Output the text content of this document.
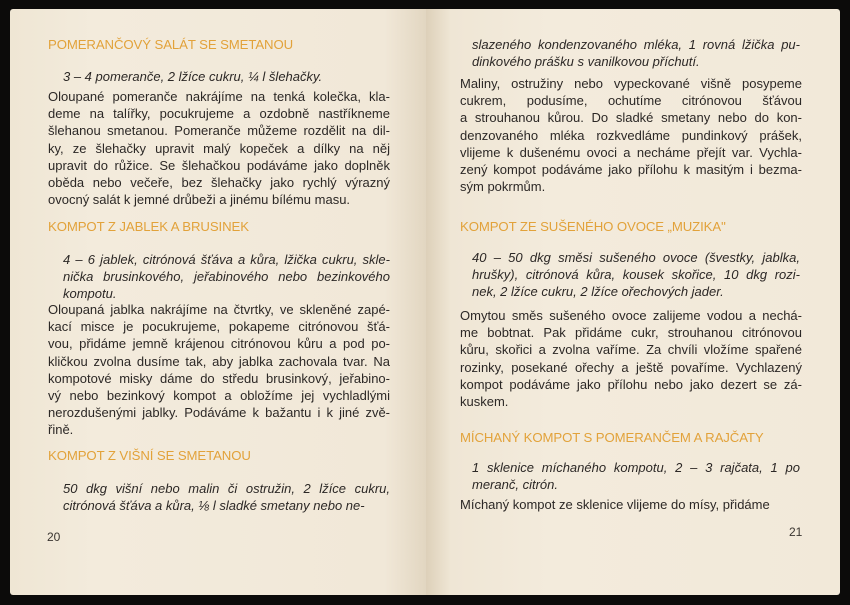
POMERANČOVÝ SALÁT SE SMETANOU
3 – 4 pomeranče, 2 lžíce cukru, ¼ l šlehačky.
Oloupané pomeranče nakrájíme na tenká kolečka, kla-
deme na talířky, pocukrujeme a ozdobně nastříkneme
šlehanou smetanou. Pomeranče můžeme rozdělit na dil-
ky, ze šlehačky upravit malý kopeček a dílky na něj
upravit do růžice. Se šlehačkou podáváme jako doplněk
oběda nebo večeře, bez šlehačky jako rychlý výrazný
ovocný salát k jemné drůbeži a jinému bílému masu.
KOMPOT Z JABLEK A BRUSINEK
4 – 6 jablek, citrónová šťáva a kůra, lžička cukru, skle-
nička brusinkového, jeřabinového nebo bezinkového
kompotu.
Oloupaná jablka nakrájíme na čtvrtky, ve skleněné zapé-
kací misce je pocukrujeme, pokapeme citrónovou šťá-
vou, přidáme jemně krájenou citrónovou kůru a pod po-
kličkou zvolna dusíme tak, aby jablka zachovala tvar. Na
kompotové misky dáme do středu brusinkový, jeřabino-
vý nebo bezinkový kompot a obložíme jej vychladlými
nerozdušenými jablky. Podáváme k bažantu i k jiné zvě-
řině.
KOMPOT Z VIŠNÍ SE SMETANOU
50 dkg višní nebo malin či ostružin, 2 lžíce cukru,
citrónová šťáva a kůra, ⅛ l sladké smetany nebo ne-
20
slazeného kondenzovaného mléka, 1 rovná lžička pu-
dinkového prášku s vanilkovou příchutí.
Maliny, ostružiny nebo vypeckované višně posypeme
cukrem, podusíme, ochutíme citrónovou šťávou
a strouhanou kůrou. Do sladké smetany nebo do kon-
denzovaného mléka rozkvedláme pundinkový prášek,
vlijeme k dušenému ovoci a necháme přejít var. Vychla-
zený kompot podáváme jako přílohu k masitým i bezma-
sým pokrmům.
KOMPOT ZE SUŠENÉHO OVOCE „MUZIKA"
40 – 50 dkg směsi sušeného ovoce (švestky, jablka,
hrušky), citrónová kůra, kousek skořice, 10 dkg rozi-
nek, 2 lžíce cukru, 2 lžíce ořechových jader.
Omytou směs sušeného ovoce zalijeme vodou a nechá-
me bobtnat. Pak přidáme cukr, strouhanou citrónovou
kůru, skořici a zvolna vaříme. Za chvíli vložíme spařené
rozinky, posekané ořechy a ještě povaříme. Vychlazený
kompot podáváme jako přílohu nebo jako dezert se zá-
kuskem.
MÍCHANÝ KOMPOT S POMERANČEM A RAJČATY
1 sklenice míchaného kompotu, 2 – 3 rajčata, 1 po
meranč, citrón.
Míchaný kompot ze sklenice vlijeme do mísy, přidáme
21
